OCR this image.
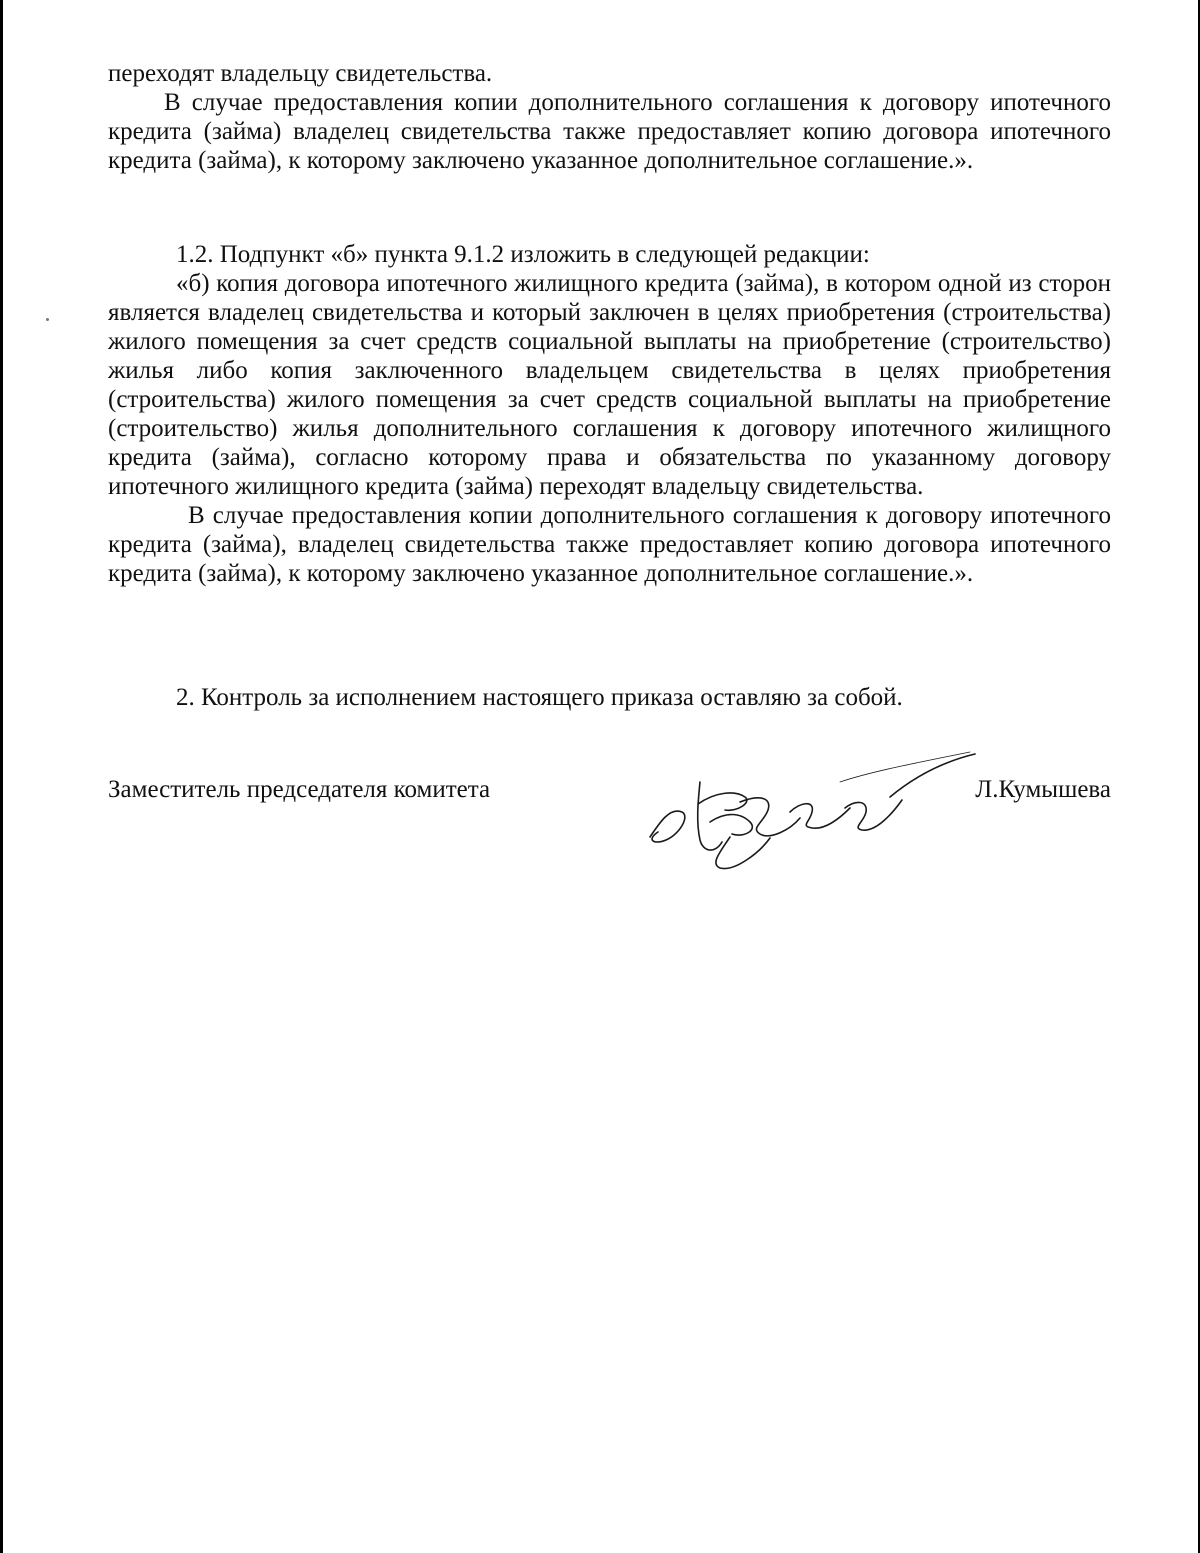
переходят владельцу свидетельства.

В случае предоставления копии дополнительного соглашения к договору ипотечного кредита (займа) владелец свидетельства также предоставляет копию договора ипотечного кредита (займа), к которому заключено указанное дополнительное соглашение.».

1.2. Подпункт «б» пункта 9.1.2 изложить в следующей редакции:

«б) копия договора ипотечного жилищного кредита (займа), в котором одной из сторон является владелец свидетельства и который заключен в целях приобретения (строительства) жилого помещения за счет средств социальной выплаты на приобретение (строительство) жилья либо копия заключенного владельцем свидетельства в целях приобретения (строительства) жилого помещения за счет средств социальной выплаты на приобретение (строительство) жилья дополнительного соглашения к договору ипотечного жилищного кредита (займа), согласно которому права и обязательства по указанному договору ипотечного жилищного кредита (займа) переходят владельцу свидетельства.

В случае предоставления копии дополнительного соглашения к договору ипотечного кредита (займа), владелец свидетельства также предоставляет копию договора ипотечного кредита (займа), к которому заключено указанное дополнительное соглашение.».

2. Контроль за исполнением настоящего приказа оставляю за собой.

Заместитель председателя комитета	Л.Кумышева
